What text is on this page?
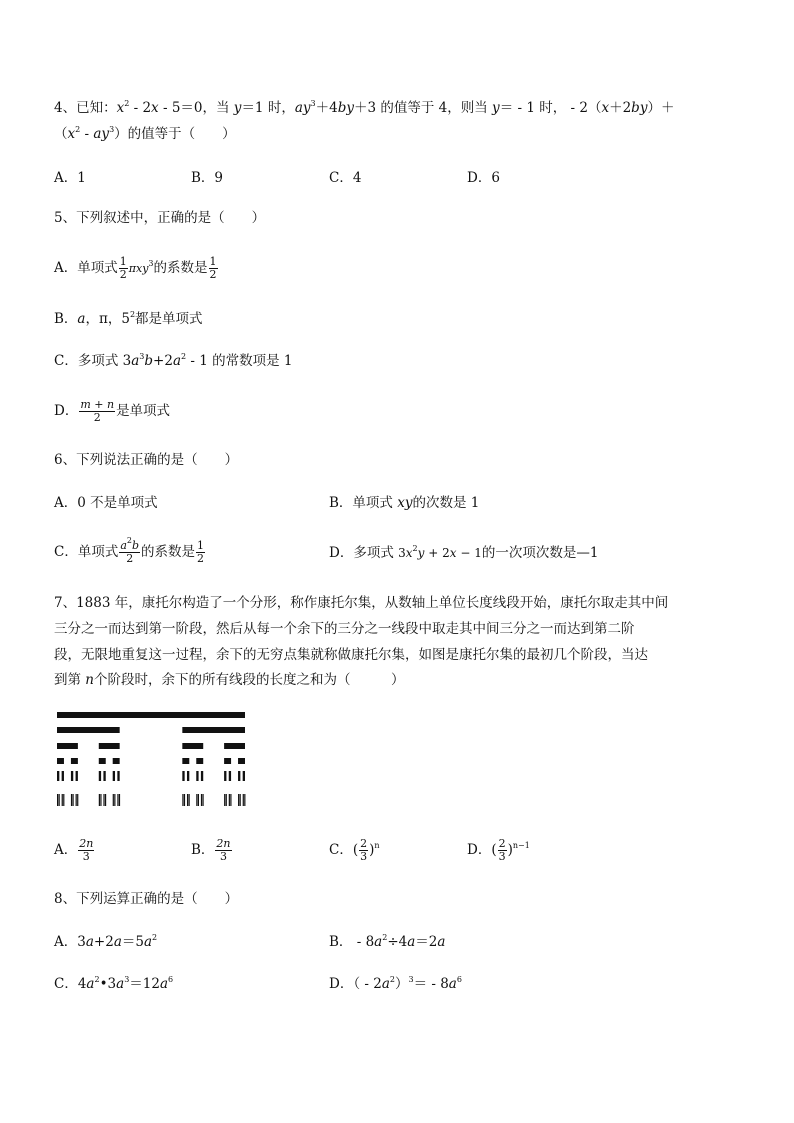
4、已知：$x^2 - 2x - 5=0$，当 y＝1 时，$ay^3+4by+3$ 的值等于 4，则当 y＝ - 1 时， - 2（x＋2by）＋
$(x^2 - ay^3)$的值等于（　　）
A．1	B．9	C．4	D．6
5、下列叙述中，正确的是（　　）
A．单项式 $\frac{1}{2} \pi xy^3$的系数是 $\frac{1}{2}$
B．a，π，$5^2$都是单项式
C．多项式 $3a^3b+2a^2 - 1$ 的常数项是 1
D． $\frac{m + n}{2}$ 是单项式
6、下列说法正确的是（　　）
A．0 不是单项式	B．单项式 xy的次数是 1
C．单项式 $\frac{a^2b}{2}$ 的系数是 $\frac{1}{2}$	D．多项式 $3x^2y + 2x - 1$的一次项次数是—1
7、1883 年，康托尔构造了一个分形，称作康托尔集，从数轴上单位长度线段开始，康托尔取走其中间
三分之一而达到第一阶段，然后从每一个余下的三分之一线段中取走其中间三分之一而达到第二阶
段，无限地重复这一过程，余下的无穷点集就称做康托尔集，如图是康托尔集的最初几个阶段，当达
到第 n个阶段时，余下的所有线段的长度之和为（　　　）
A． $\frac{2n}{3}$	B． $\frac{2n}{3}$	C．( $\frac{2}{3} )^n$	D．( $\frac{2}{3} )^{n-1}$
8、下列运算正确的是（　　）
A．$3a+2a=5a^2$	B． - $8a^2\div 4a=2a$
C．$4a^2•3a^3=12a^6$	D．（ - $2a^2)^3= - 8a^6$
